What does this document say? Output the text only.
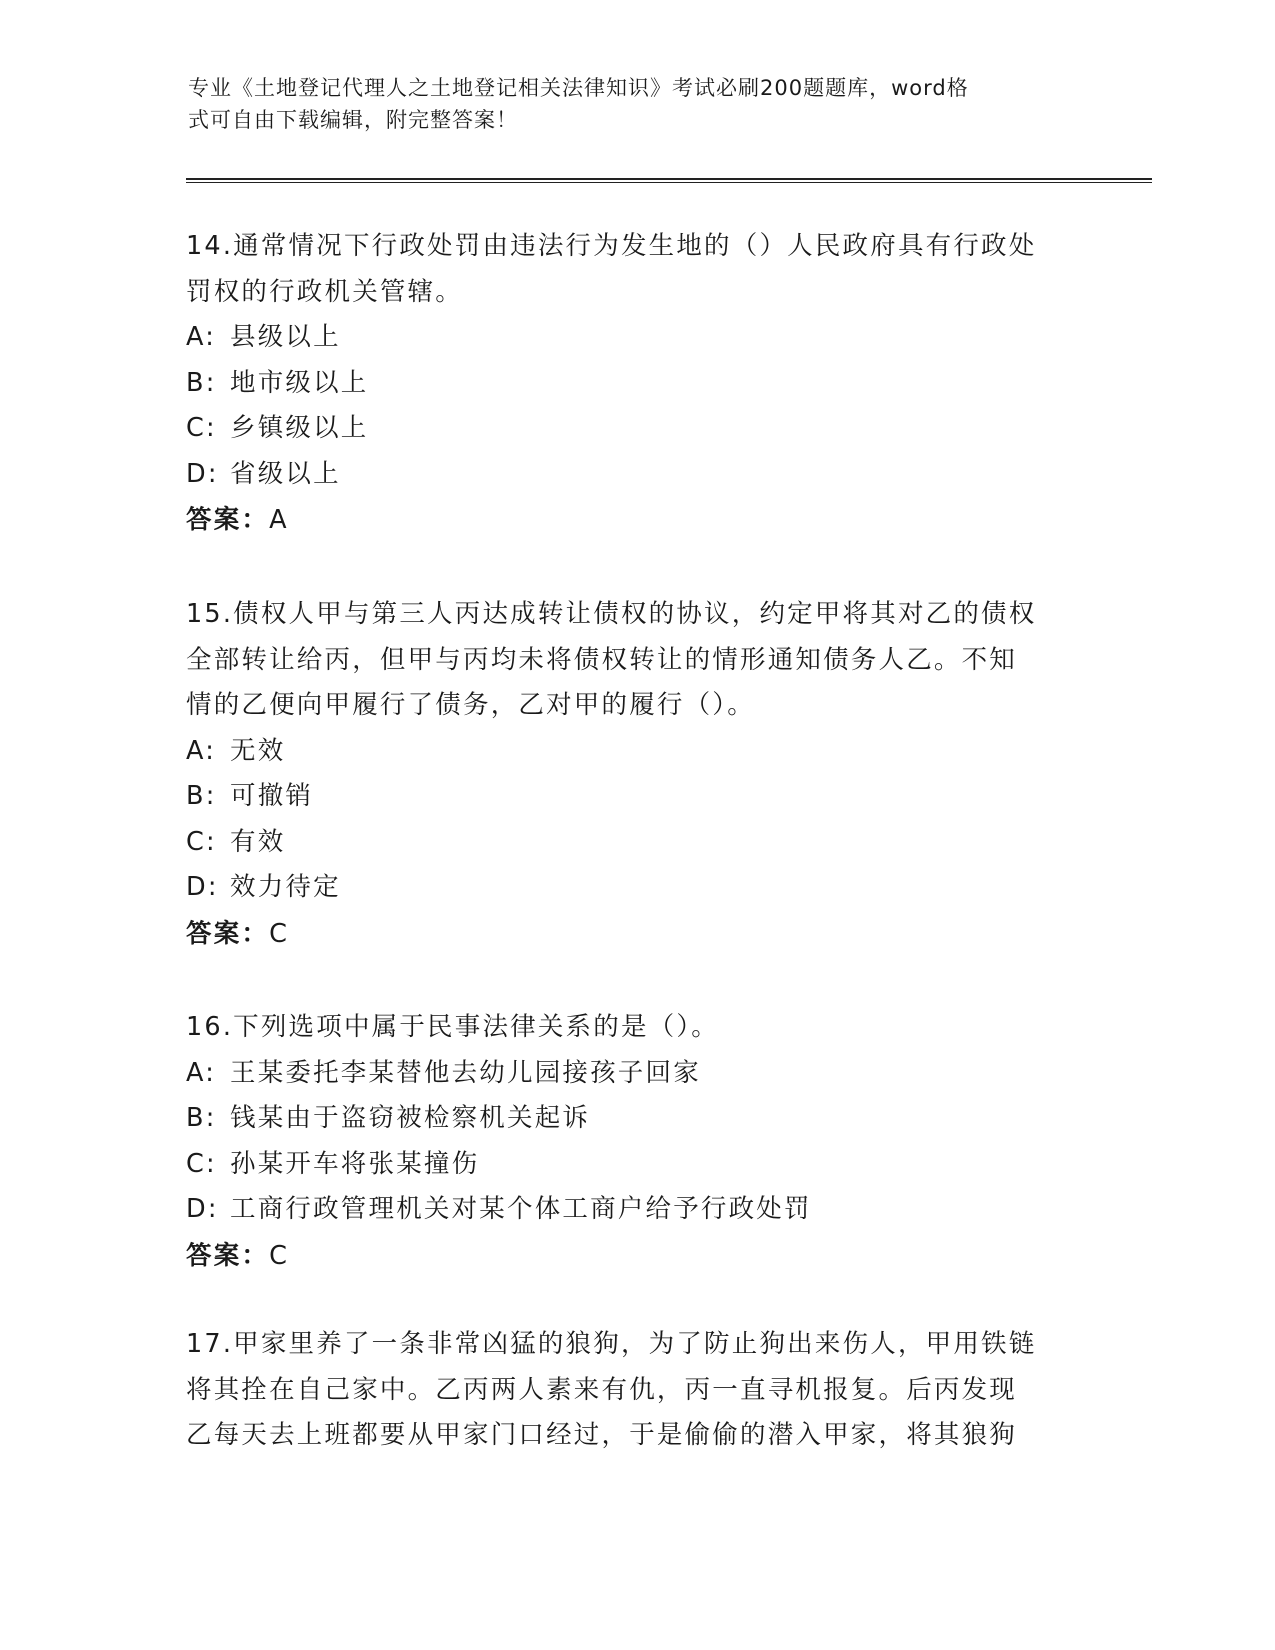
专业《土地登记代理人之土地登记相关法律知识》考试必刷200题题库，word格
式可自由下载编辑，附完整答案！
14.通常情况下行政处罚由违法行为发生地的（）人民政府具有行政处
罚权的行政机关管辖。
A: 县级以上
B: 地市级以上
C: 乡镇级以上
D: 省级以上
答案：A
15.债权人甲与第三人丙达成转让债权的协议，约定甲将其对乙的债权
全部转让给丙，但甲与丙均未将债权转让的情形通知债务人乙。不知
情的乙便向甲履行了债务，乙对甲的履行（）。
A: 无效
B: 可撤销
C: 有效
D: 效力待定
答案：C
16.下列选项中属于民事法律关系的是（）。
A: 王某委托李某替他去幼儿园接孩子回家
B: 钱某由于盗窃被检察机关起诉
C: 孙某开车将张某撞伤
D: 工商行政管理机关对某个体工商户给予行政处罚
答案：C
17.甲家里养了一条非常凶猛的狼狗，为了防止狗出来伤人，甲用铁链
将其拴在自己家中。乙丙两人素来有仇，丙一直寻机报复。后丙发现
乙每天去上班都要从甲家门口经过，于是偷偷的潜入甲家，将其狼狗
